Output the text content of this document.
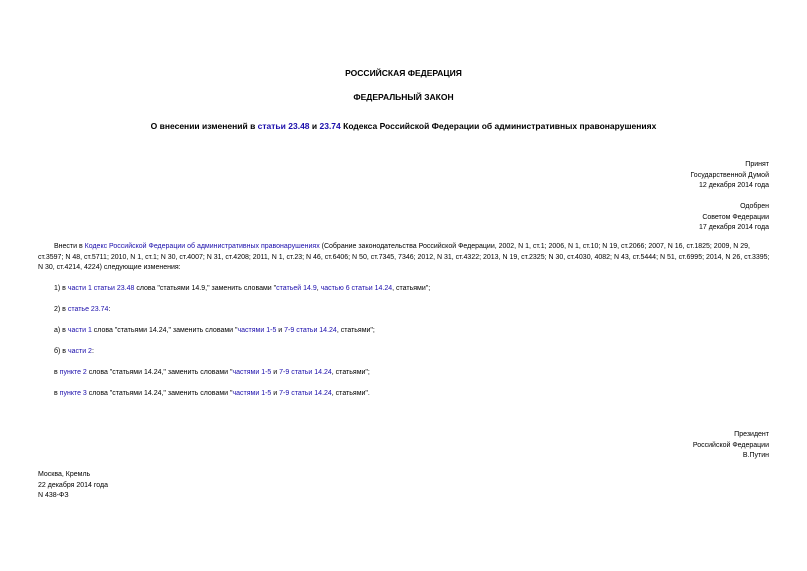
РОССИЙСКАЯ ФЕДЕРАЦИЯ
ФЕДЕРАЛЬНЫЙ ЗАКОН
О внесении изменений в статьи 23.48 и 23.74 Кодекса Российской Федерации об административных правонарушениях
Принят
Государственной Думой
12 декабря 2014 года
Одобрен
Советом Федерации
17 декабря 2014 года
Внести в Кодекс Российской Федерации об административных правонарушениях (Собрание законодательства Российской Федерации, 2002, N 1, ст.1; 2006, N 1, ст.10; N 19, ст.2066; 2007, N 16, ст.1825; 2009, N 29, ст.3597; N 48, ст.5711; 2010, N 1, ст.1; N 30, ст.4007; N 31, ст.4208; 2011, N 1, ст.23; N 46, ст.6406; N 50, ст.7345, 7346; 2012, N 31, ст.4322; 2013, N 19, ст.2325; N 30, ст.4030, 4082; N 43, ст.5444; N 51, ст.6995; 2014, N 26, ст.3395; N 30, ст.4214, 4224) следующие изменения:
1) в части 1 статьи 23.48 слова "статьями 14.9," заменить словами "статьей 14.9, частью 6 статьи 14.24, статьями";
2) в статье 23.74:
а) в части 1 слова "статьями 14.24," заменить словами "частями 1-5 и 7-9 статьи 14.24, статьями";
б) в части 2:
в пункте 2 слова "статьями 14.24," заменить словами "частями 1-5 и 7-9 статьи 14.24, статьями";
в пункте 3 слова "статьями 14.24," заменить словами "частями 1-5 и 7-9 статьи 14.24, статьями".
Президент
Российской Федерации
В.Путин
Москва, Кремль
22 декабря 2014 года
N 438-ФЗ
